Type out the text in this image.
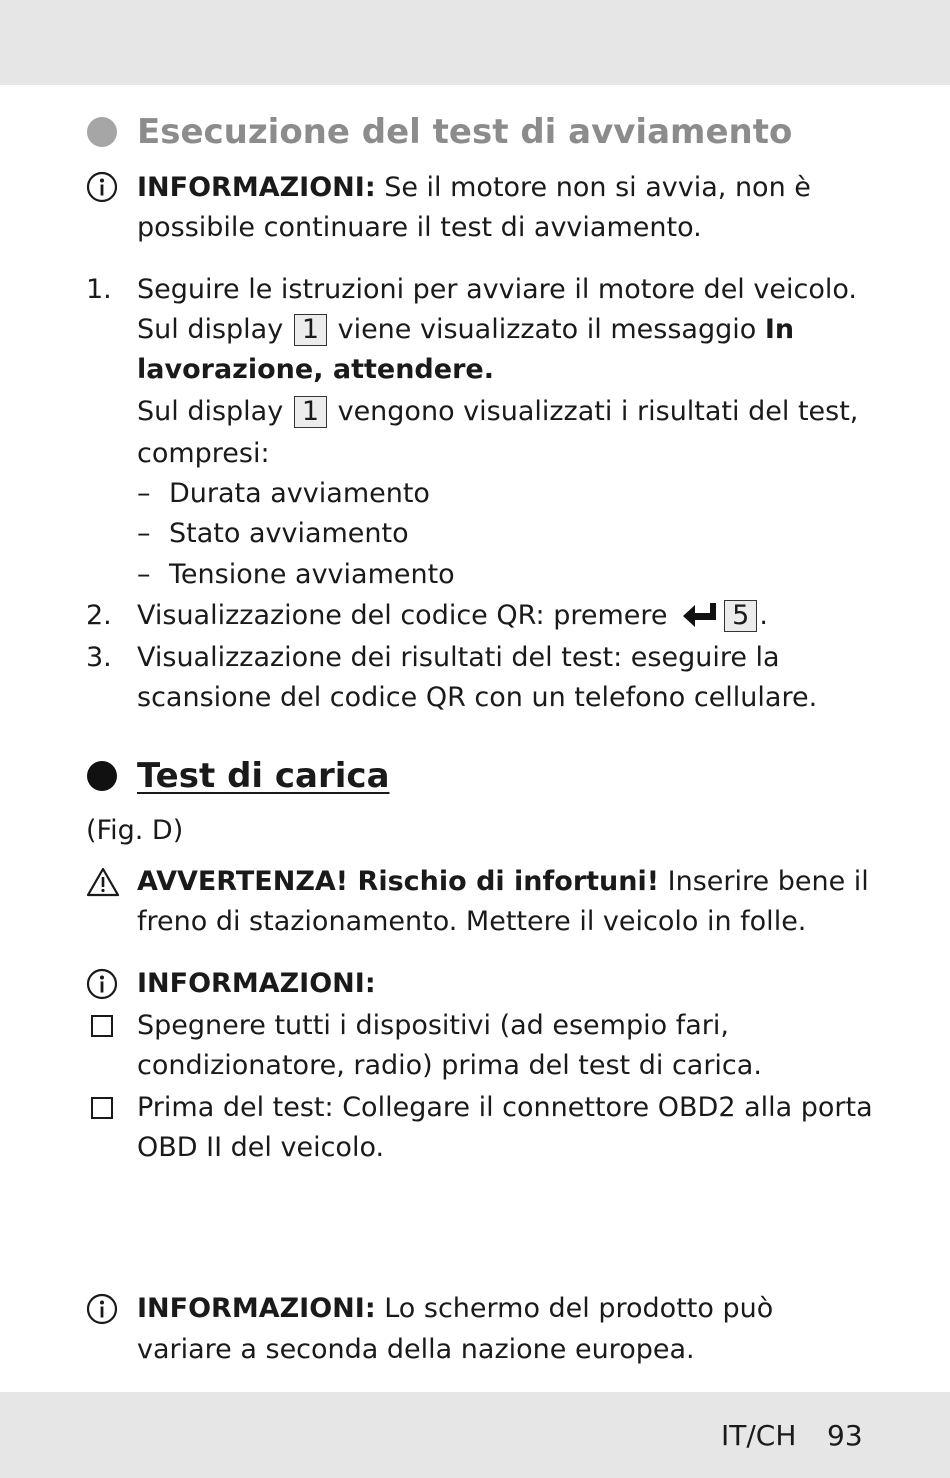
Esecuzione del test di avviamento
INFORMAZIONI: Se il motore non si avvia, non è
possibile continuare il test di avviamento.
1. Seguire le istruzioni per avviare il motore del veicolo.
Sul display 1 viene visualizzato il messaggio In
lavorazione, attendere.
Sul display 1 vengono visualizzati i risultati del test,
compresi:
– Durata avviamento
– Stato avviamento
– Tensione avviamento
2. Visualizzazione del codice QR: premere 5 .
3. Visualizzazione dei risultati del test: eseguire la
scansione del codice QR con un telefono cellulare.
Test di carica
(Fig. D)
AVVERTENZA! Rischio di infortuni! Inserire bene il
freno di stazionamento. Mettere il veicolo in folle.
INFORMAZIONI:
Spegnere tutti i dispositivi (ad esempio fari,
condizionatore, radio) prima del test di carica.
Prima del test: Collegare il connettore OBD2 alla porta
OBD II del veicolo.
INFORMAZIONI: Lo schermo del prodotto può
variare a seconda della nazione europea.
IT/CH 93
